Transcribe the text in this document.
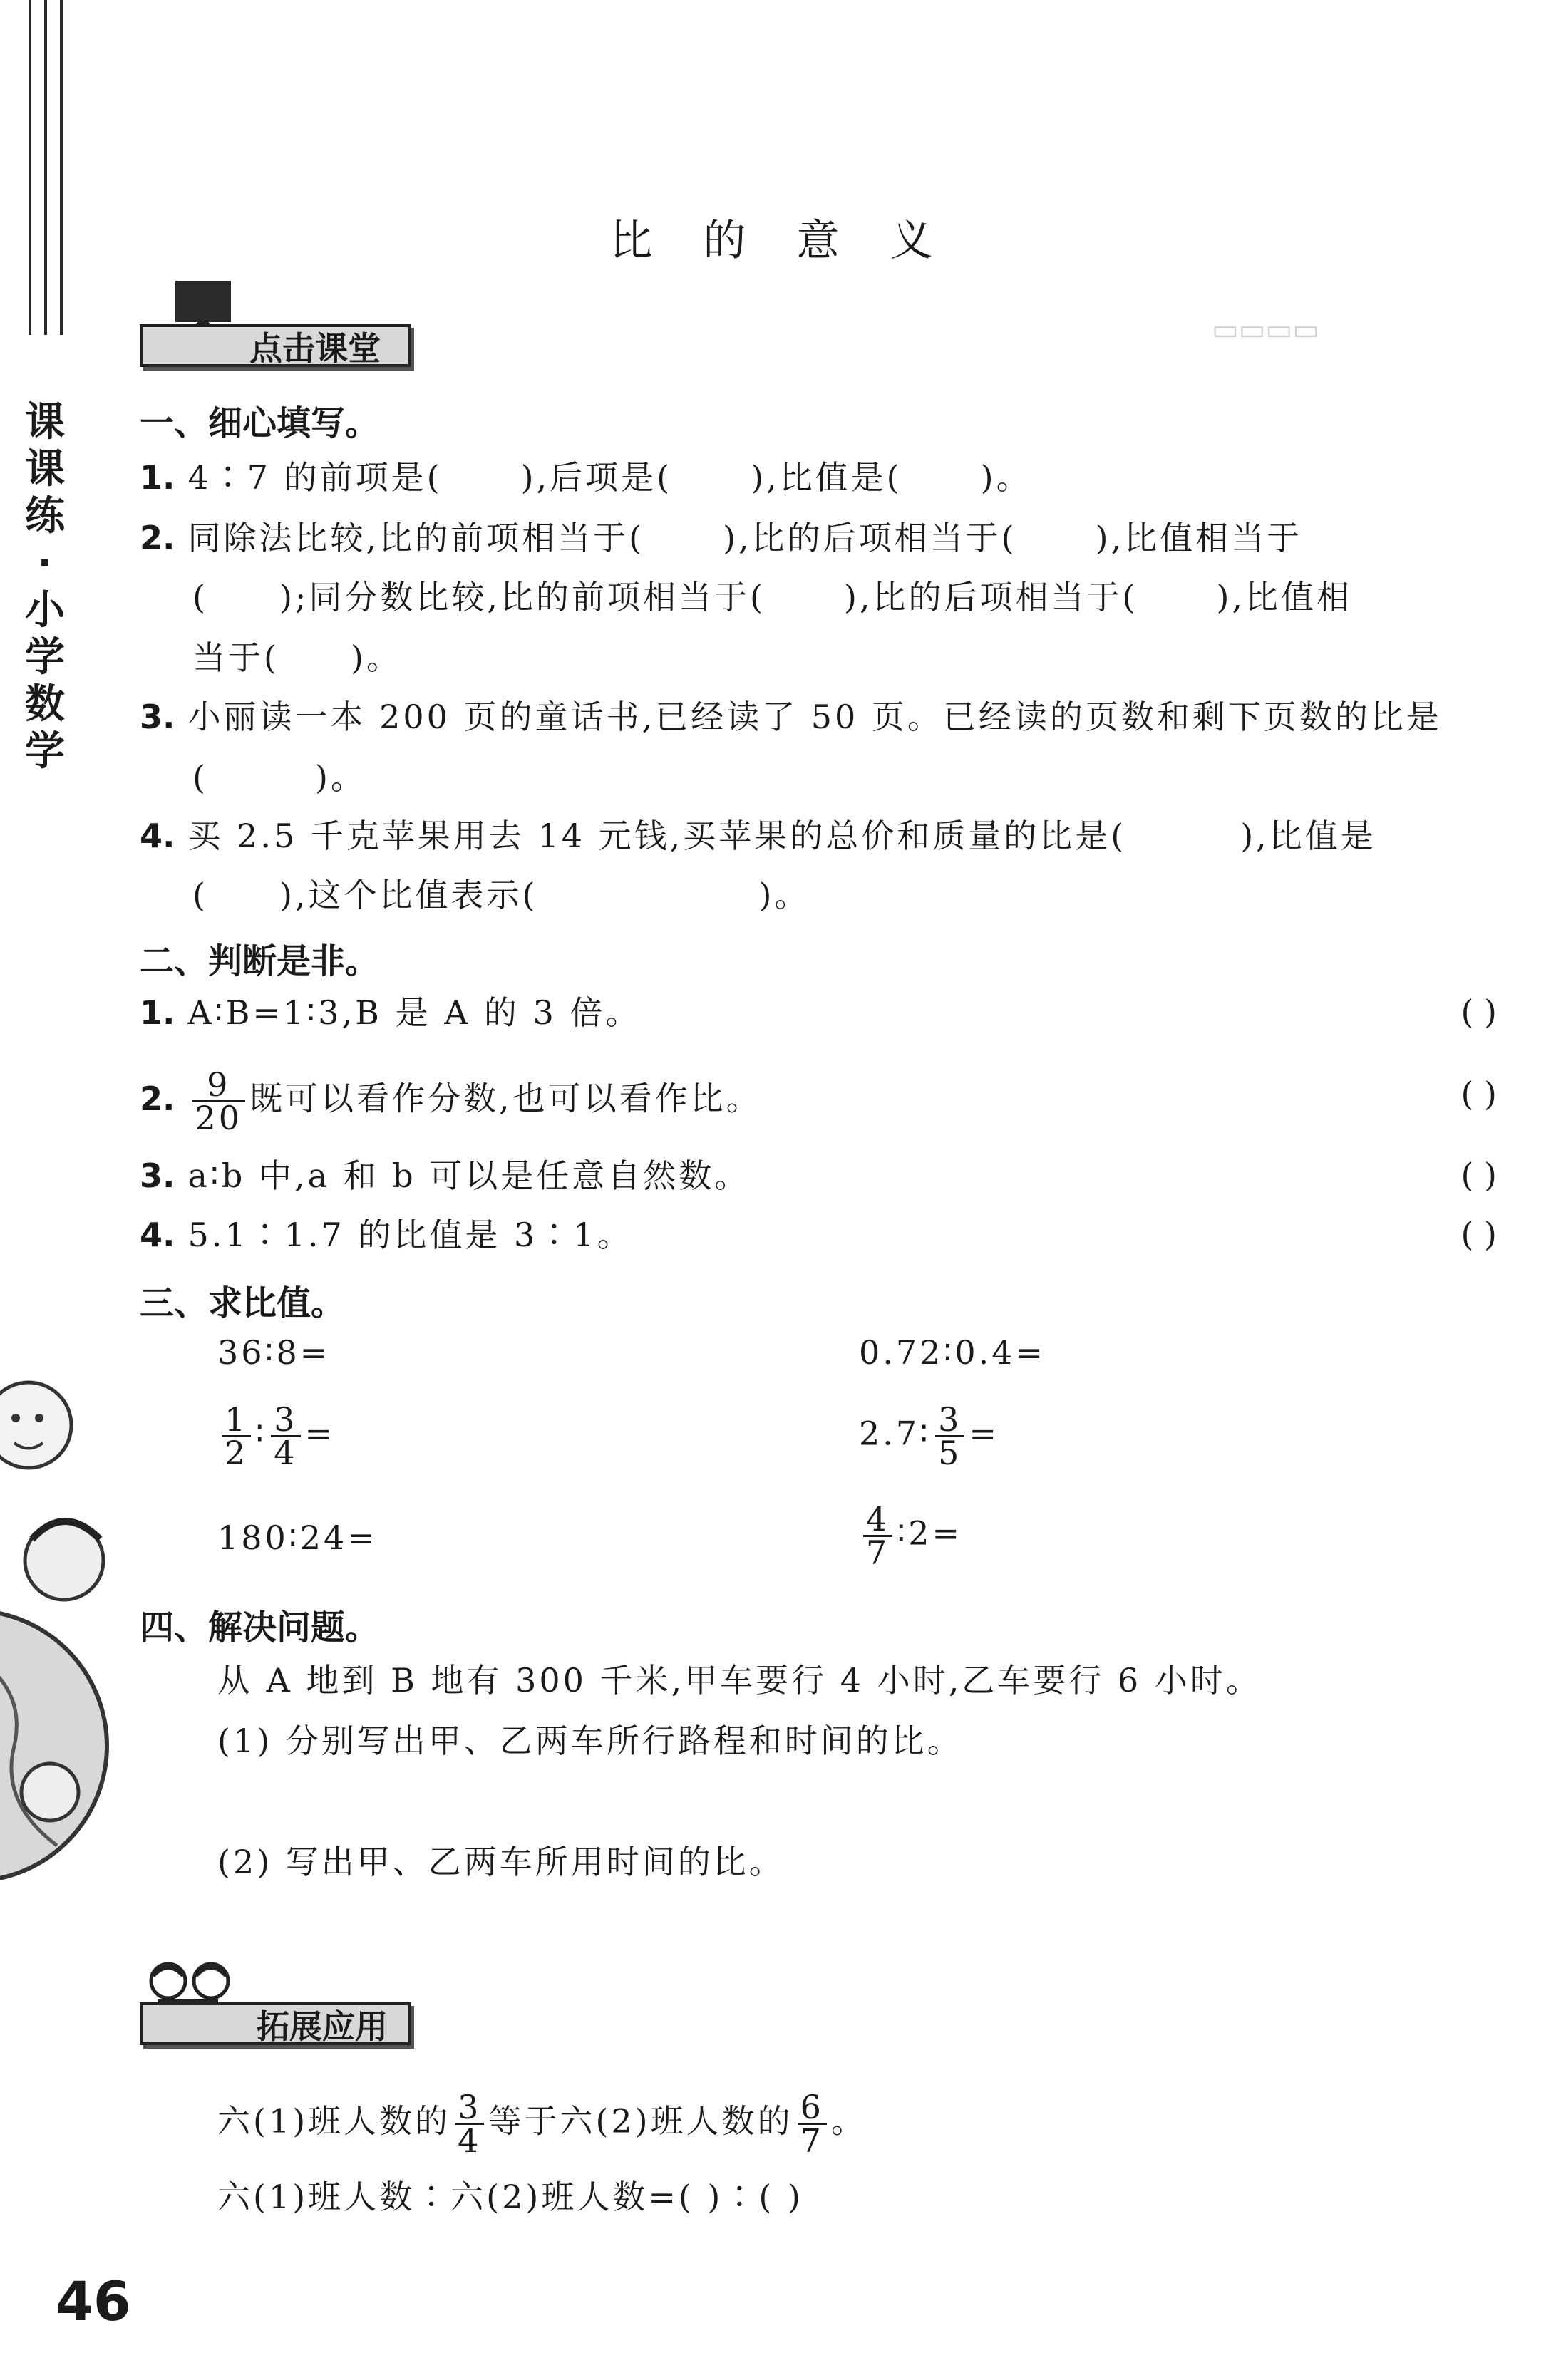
课课练·小学数学
▭▭▭▭
比 的 意 义
点击课堂
一、细心填写。
1. 4∶7 的前项是( ),后项是( ),比值是( )。
2. 同除法比较,比的前项相当于( ),比的后项相当于( ),比值相当于
( );同分数比较,比的前项相当于( ),比的后项相当于( ),比值相
当于( )。
3. 小丽读一本 200 页的童话书,已经读了 50 页。已经读的页数和剩下页数的比是
(	)。
4. 买 2.5 千克苹果用去 14 元钱,买苹果的总价和质量的比是(	),比值是
( ),这个比值表示(	)。
二、判断是非。
1. A∶B=1∶3,B 是 A 的 3 倍。	( )
2. $\frac{9}{20}$ 既可以看作分数,也可以看作比。	( )
3. a∶b 中,a 和 b 可以是任意自然数。	( )
4. 5.1∶1.7 的比值是 3∶1。	( )
三、求比值。
36∶8=	0.72∶0.4=
$\frac{1}{2}$ ∶ $\frac{3}{4}$ =	2.7∶ $\frac{3}{5}$ =
180∶24=	$\frac{4}{7}$ ∶2=
四、解决问题。
从 A 地到 B 地有 300 千米,甲车要行 4 小时,乙车要行 6 小时。
(1) 分别写出甲、乙两车所行路程和时间的比。
(2) 写出甲、乙两车所用时间的比。
拓展应用
六(1)班人数的 $\frac{3}{4}$ 等于六(2)班人数的 $\frac{6}{7}$ 。
六(1)班人数∶六(2)班人数=( )∶( )
46
